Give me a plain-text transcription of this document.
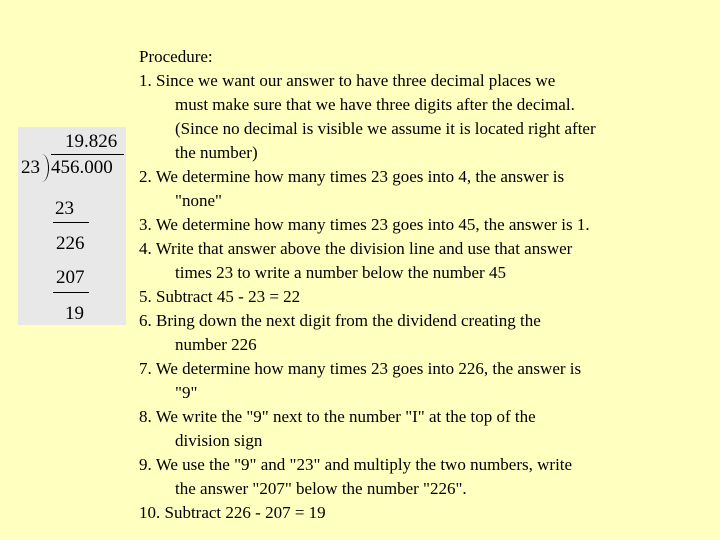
19.826
23 456.000
23
226
207
19
Procedure:
1. Since we want our answer to have three decimal places we
must make sure that we have three digits after the decimal.
(Since no decimal is visible we assume it is located right after
the number)
2. We determine how many times 23 goes into 4, the answer is
"none"
3. We determine how many times 23 goes into 45, the answer is 1.
4. Write that answer above the division line and use that answer
times 23 to write a number below the number 45
5. Subtract 45 - 23 = 22
6. Bring down the next digit from the dividend creating the
number 226
7. We determine how many times 23 goes into 226, the answer is
"9"
8. We write the "9" next to the number "I" at the top of the
division sign
9. We use the "9" and "23" and multiply the two numbers, write
the answer "207" below the number "226".
10. Subtract 226 - 207 = 19
